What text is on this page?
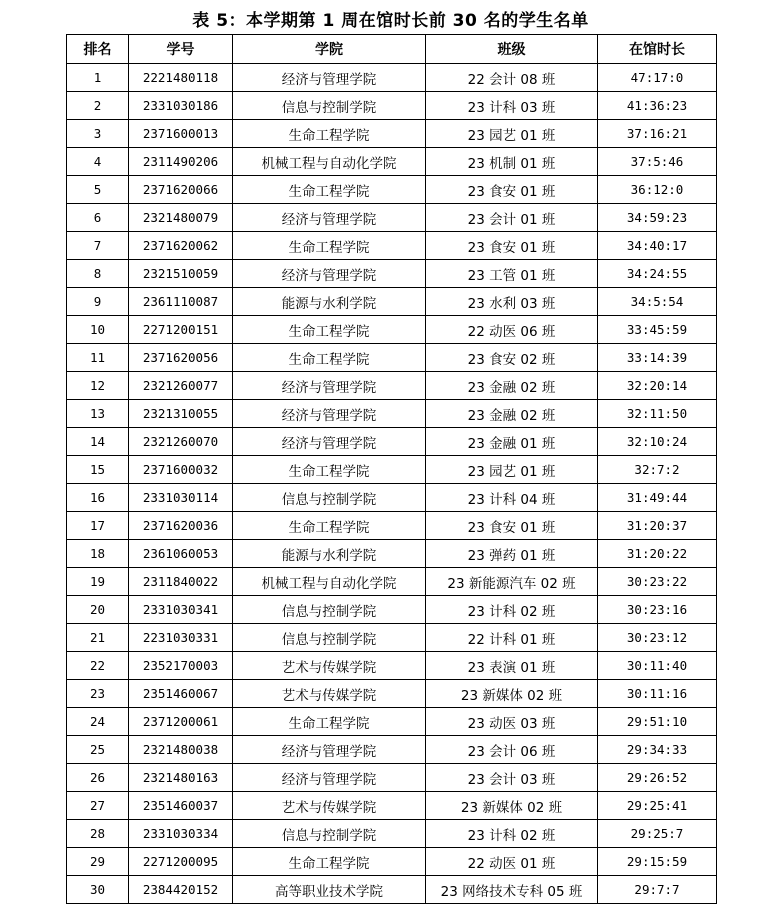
表 5：本学期第 1 周在馆时长前 30 名的学生名单
排名	学号	学院	班级	在馆时长
1	2221480118	经济与管理学院	22 会计 08 班	47:17:0
2	2331030186	信息与控制学院	23 计科 03 班	41:36:23
3	2371600013	生命工程学院	23 园艺 01 班	37:16:21
4	2311490206	机械工程与自动化学院	23 机制 01 班	37:5:46
5	2371620066	生命工程学院	23 食安 01 班	36:12:0
6	2321480079	经济与管理学院	23 会计 01 班	34:59:23
7	2371620062	生命工程学院	23 食安 01 班	34:40:17
8	2321510059	经济与管理学院	23 工管 01 班	34:24:55
9	2361110087	能源与水利学院	23 水利 03 班	34:5:54
10	2271200151	生命工程学院	22 动医 06 班	33:45:59
11	2371620056	生命工程学院	23 食安 02 班	33:14:39
12	2321260077	经济与管理学院	23 金融 02 班	32:20:14
13	2321310055	经济与管理学院	23 金融 02 班	32:11:50
14	2321260070	经济与管理学院	23 金融 01 班	32:10:24
15	2371600032	生命工程学院	23 园艺 01 班	32:7:2
16	2331030114	信息与控制学院	23 计科 04 班	31:49:44
17	2371620036	生命工程学院	23 食安 01 班	31:20:37
18	2361060053	能源与水利学院	23 弹药 01 班	31:20:22
19	2311840022	机械工程与自动化学院	23 新能源汽车 02 班	30:23:22
20	2331030341	信息与控制学院	23 计科 02 班	30:23:16
21	2231030331	信息与控制学院	22 计科 01 班	30:23:12
22	2352170003	艺术与传媒学院	23 表演 01 班	30:11:40
23	2351460067	艺术与传媒学院	23 新媒体 02 班	30:11:16
24	2371200061	生命工程学院	23 动医 03 班	29:51:10
25	2321480038	经济与管理学院	23 会计 06 班	29:34:33
26	2321480163	经济与管理学院	23 会计 03 班	29:26:52
27	2351460037	艺术与传媒学院	23 新媒体 02 班	29:25:41
28	2331030334	信息与控制学院	23 计科 02 班	29:25:7
29	2271200095	生命工程学院	22 动医 01 班	29:15:59
30	2384420152	高等职业技术学院	23 网络技术专科 05 班	29:7:7
